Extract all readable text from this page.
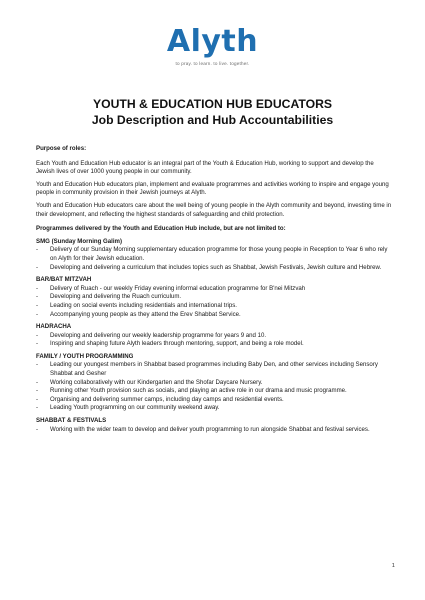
Alyth
to pray. to learn. to live. together.
YOUTH & EDUCATION HUB EDUCATORS
Job Description and Hub Accountabilities

Purpose of roles:

Each Youth and Education Hub educator is an integral part of the Youth & Education Hub, working to support and develop the Jewish lives of over 1000 young people in our community.

Youth and Education Hub educators plan, implement and evaluate programmes and activities working to inspire and engage young people in community provision in their Jewish journeys at Alyth.

Youth and Education Hub educators care about the well being of young people in the Alyth community and beyond, investing time in their development, and reflecting the highest standards of safeguarding and child protection.

Programmes delivered by the Youth and Education Hub include, but are not limited to:

SMG (Sunday Morning Galim)

- Delivery of our Sunday Morning supplementary education programme for those young people in Reception to Year 6 who rely on Alyth for their Jewish education.
- Developing and delivering a curriculum that includes topics such as Shabbat, Jewish Festivals, Jewish culture and Hebrew.

BAR/BAT MITZVAH

- Delivery of Ruach - our weekly Friday evening informal education programme for B'nei Mitzvah
- Developing and delivering the Ruach curriculum.
- Leading on social events including residentials and international trips.
- Accompanying young people as they attend the Erev Shabbat Service.

HADRACHA

- Developing and delivering our weekly leadership programme for years 9 and 10.
- Inspiring and shaping future Alyth leaders through mentoring, support, and being a role model.

FAMILY / YOUTH PROGRAMMING

- Leading our youngest members in Shabbat based programmes including Baby Den, and other services including Sensory Shabbat and Gesher
- Working collaboratively with our Kindergarten and the Shofar Daycare Nursery.
- Running other Youth provision such as socials, and playing an active role in our drama and music programme.
- Organising and delivering summer camps, including day camps and residential events.
- Leading Youth programming on our community weekend away.

SHABBAT & FESTIVALS

- Working with the wider team to develop and deliver youth programming to run alongside Shabbat and festival services.
1
